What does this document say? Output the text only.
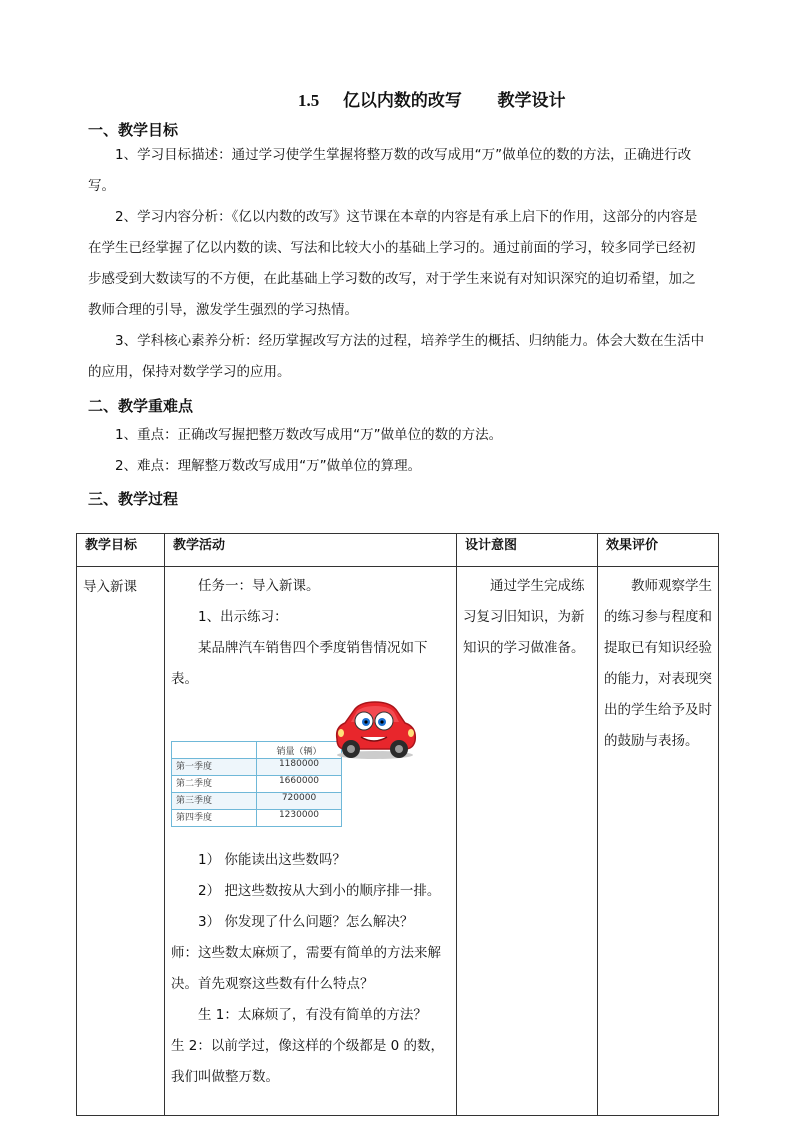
1.5 亿以内数的改写 教学设计
一、教学目标
1、学习目标描述：通过学习使学生掌握将整万数的改写成用“万”做单位的数的方法，正确进行改写。
2、学习内容分析：《亿以内数的改写》这节课在本章的内容是有承上启下的作用，这部分的内容是在学生已经掌握了亿以内数的读、写法和比较大小的基础上学习的。通过前面的学习，较多同学已经初步感受到大数读写的不方便，在此基础上学习数的改写，对于学生来说有对知识深究的迫切希望，加之教师合理的引导，激发学生强烈的学习热情。
3、学科核心素养分析：经历掌握改写方法的过程，培养学生的概括、归纳能力。体会大数在生活中的应用，保持对数学学习的应用。
二、教学重难点
1、重点：正确改写握把整万数改写成用“万”做单位的数的方法。
2、难点：理解整万数改写成用“万”做单位的算理。
三、教学过程
教学目标	教学活动	设计意图	效果评价
导入新课	任务一：导入新课。

1、出示练习：

某品牌汽车销售四个季度销售情况如下表。

	销量（辆）
第一季度	1180000
第二季度	1660000
第三季度	720000
第四季度	1230000

1） 你能读出这些数吗？

2） 把这些数按从大到小的顺序排一排。

3） 你发现了什么问题？怎么解决？

师：这些数太麻烦了，需要有简单的方法来解决。首先观察这些数有什么特点？

生 1：太麻烦了，有没有简单的方法？

生 2：以前学过，像这样的个级都是 0 的数，我们叫做整万数。

	通过学生完成练习复习旧知识，为新知识的学习做准备。	教师观察学生的练习参与程度和提取已有知识经验的能力，对表现突出的学生给予及时的鼓励与表扬。
